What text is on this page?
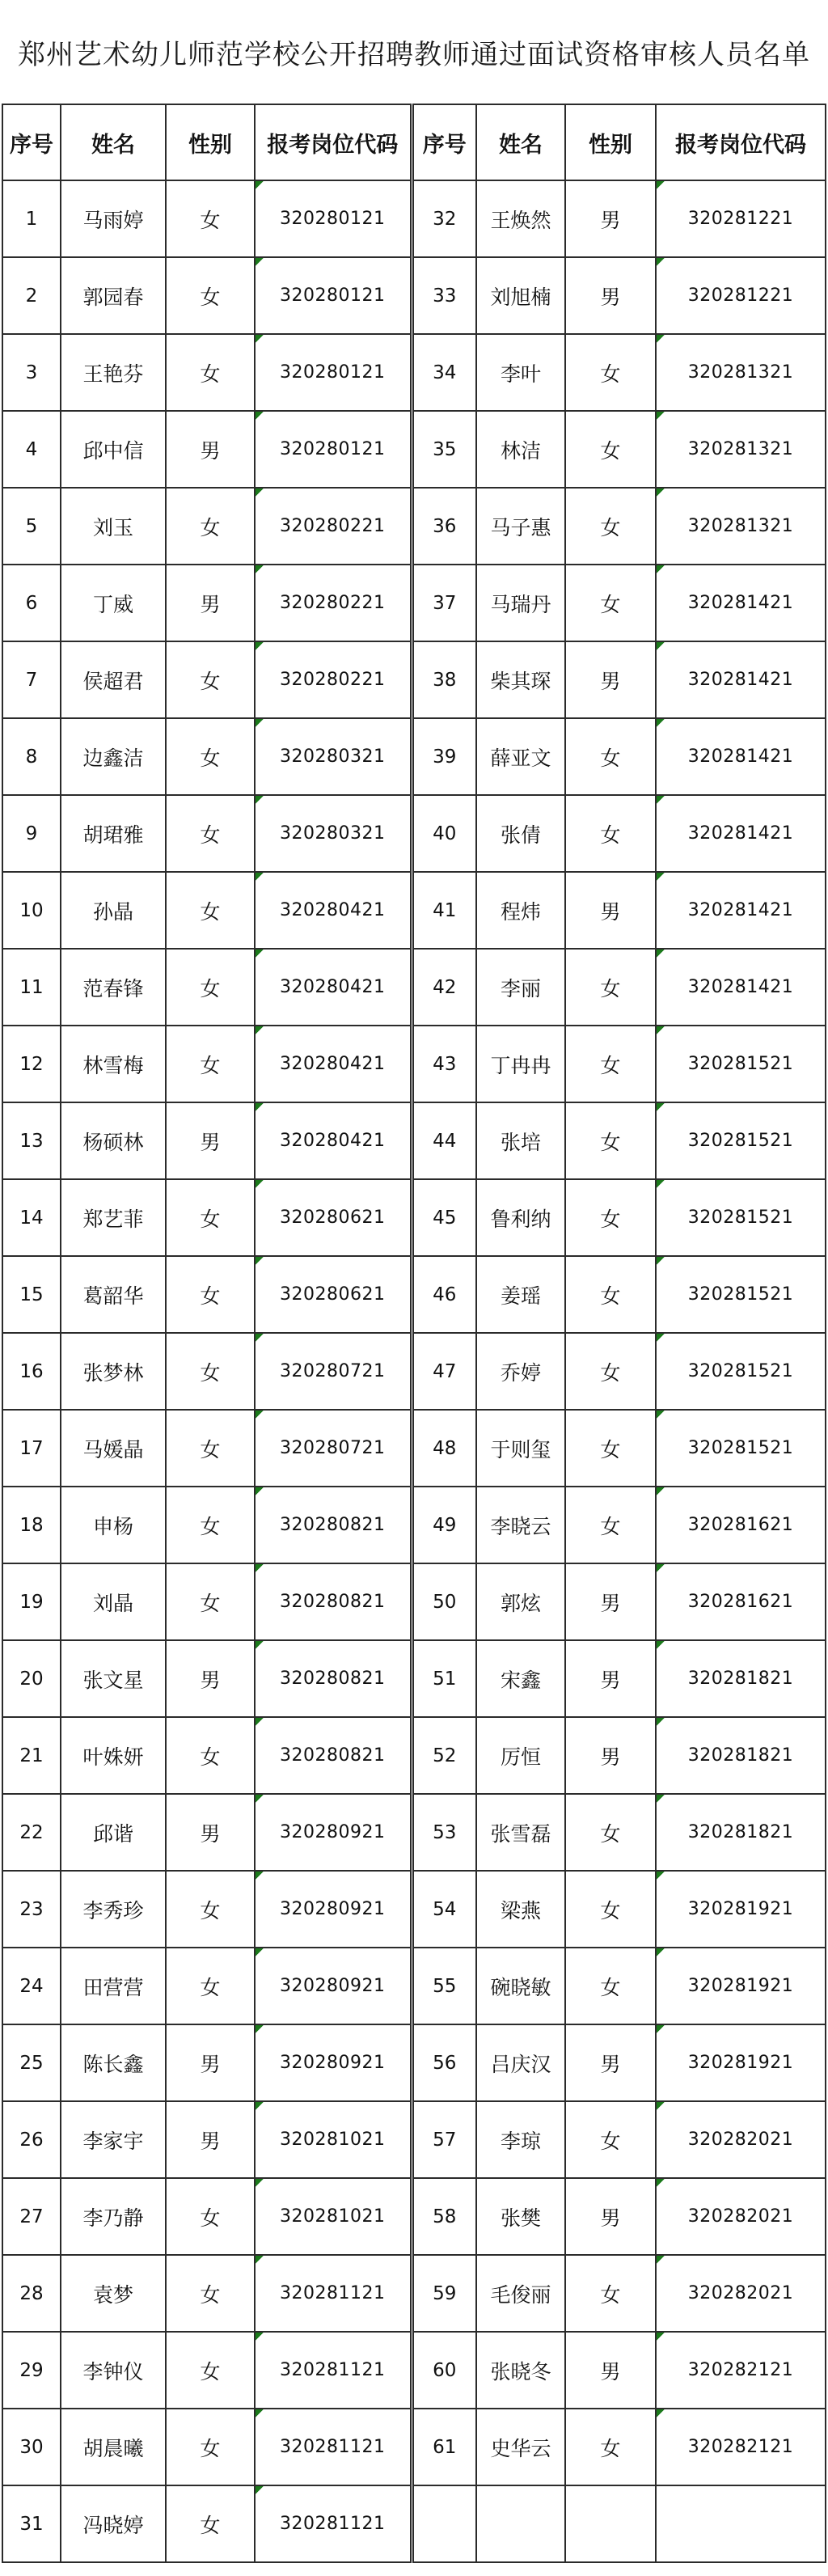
郑州艺术幼儿师范学校公开招聘教师通过面试资格审核人员名单
序号	姓名	性别	报考岗位代码	序号	姓名	性别	报考岗位代码
1	马雨婷	女	320280121	32	王焕然	男	320281221
2	郭园春	女	320280121	33	刘旭楠	男	320281221
3	王艳芬	女	320280121	34	李叶	女	320281321
4	邱中信	男	320280121	35	林洁	女	320281321
5	刘玉	女	320280221	36	马子惠	女	320281321
6	丁威	男	320280221	37	马瑞丹	女	320281421
7	侯超君	女	320280221	38	柴其琛	男	320281421
8	边鑫洁	女	320280321	39	薛亚文	女	320281421
9	胡珺雅	女	320280321	40	张倩	女	320281421
10	孙晶	女	320280421	41	程炜	男	320281421
11	范春锋	女	320280421	42	李丽	女	320281421
12	林雪梅	女	320280421	43	丁冉冉	女	320281521
13	杨硕林	男	320280421	44	张培	女	320281521
14	郑艺菲	女	320280621	45	鲁利纳	女	320281521
15	葛韶华	女	320280621	46	姜瑶	女	320281521
16	张梦林	女	320280721	47	乔婷	女	320281521
17	马媛晶	女	320280721	48	于则玺	女	320281521
18	申杨	女	320280821	49	李晓云	女	320281621
19	刘晶	女	320280821	50	郭炫	男	320281621
20	张文星	男	320280821	51	宋鑫	男	320281821
21	叶姝妍	女	320280821	52	厉恒	男	320281821
22	邱谐	男	320280921	53	张雪磊	女	320281821
23	李秀珍	女	320280921	54	梁燕	女	320281921
24	田营营	女	320280921	55	碗晓敏	女	320281921
25	陈长鑫	男	320280921	56	吕庆汉	男	320281921
26	李家宇	男	320281021	57	李琼	女	320282021
27	李乃静	女	320281021	58	张樊	男	320282021
28	袁梦	女	320281121	59	毛俊丽	女	320282021
29	李钟仪	女	320281121	60	张晓冬	男	320282121
30	胡晨曦	女	320281121	61	史华云	女	320282121
31	冯晓婷	女	320281121				
